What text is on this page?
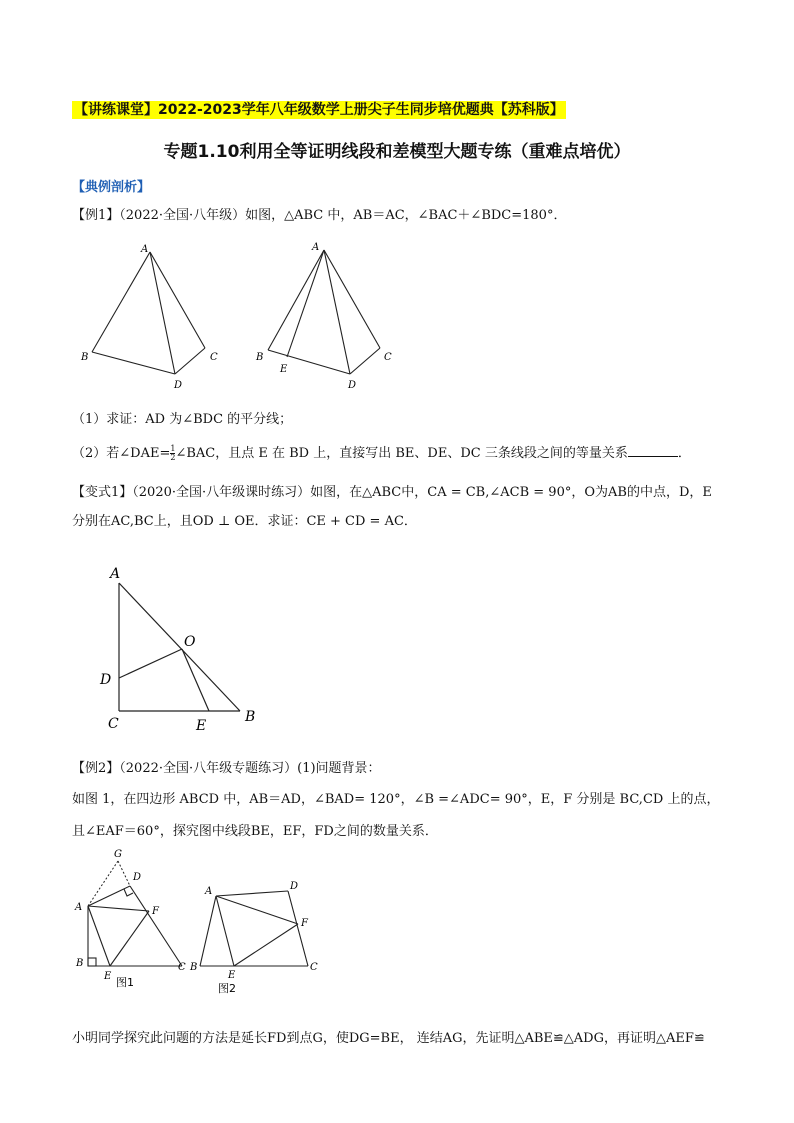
【讲练课堂】2022-2023学年八年级数学上册尖子生同步培优题典【苏科版】
专题1.10利用全等证明线段和差模型大题专练（重难点培优）
【典例剖析】
【例1】（2022·全国·八年级）如图，△ABC 中，AB＝AC，∠BAC＋∠BDC=180°．
A
B	C
D
A
B	C
D
E
（1）求证：AD 为∠BDC 的平分线；
（2）若∠DAE= $\frac{1}{2}$ ∠BAC，且点 E 在 BD 上，直接写出 BE、DE、DC 三条线段之间的等量关系	．
【变式1】（2020·全国·八年级课时练习）如图，在△ABC中，CA = CB,∠ACB = 90°，O为AB的中点，D，E
分别在AC,BC上，且OD ⊥ OE．求证：CE + CD = AC．
A
O
D
C	E
B
【例2】（2022·全国·八年级专题练习）(1)问题背景：
如图 1，在四边形 ABCD 中，AB＝AD，∠BAD= 120°，∠B =∠ADC= 90°，E，F 分别是 BC,CD 上的点，
且∠EAF＝60°，探究图中线段BE，EF，FD之间的数量关系．
G
D
A	F
B
E
C
图1
A	D
F
B
E
C
图2
小明同学探究此问题的方法是延长FD到点G，使DG=BE， 连结AG，先证明△ABE≌△ADG，再证明△AEF≌
